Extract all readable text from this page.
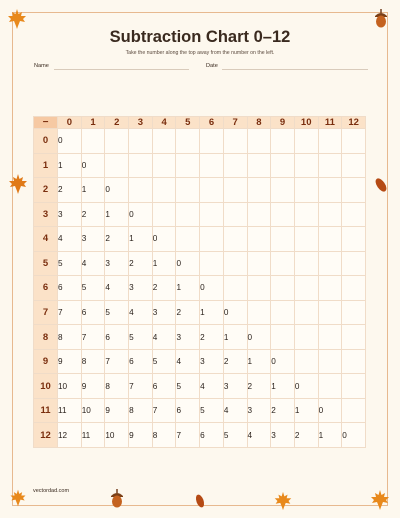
Subtraction Chart 0–12
Take the number along the top away from the number on the left.
Name	Date
−	0	1	2	3	4	5	6	7	8	9	10	11	12
0	0												
1	1	0											
2	2	1	0										
3	3	2	1	0									
4	4	3	2	1	0								
5	5	4	3	2	1	0							
6	6	5	4	3	2	1	0						
7	7	6	5	4	3	2	1	0					
8	8	7	6	5	4	3	2	1	0				
9	9	8	7	6	5	4	3	2	1	0			
10	10	9	8	7	6	5	4	3	2	1	0		
11	11	10	9	8	7	6	5	4	3	2	1	0	
12	12	11	10	9	8	7	6	5	4	3	2	1	0
vectordad.com
